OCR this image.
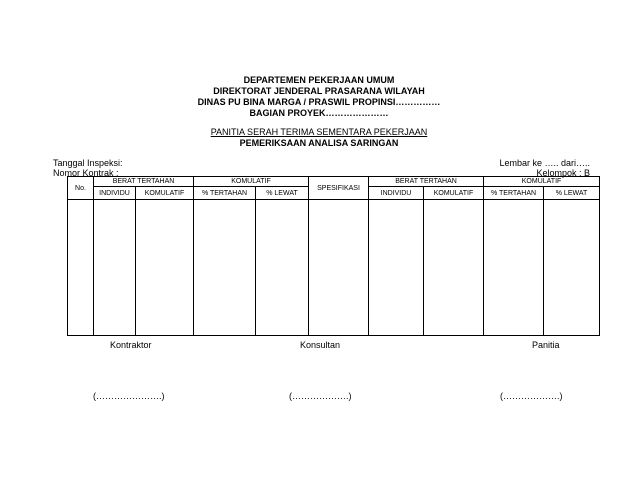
DEPARTEMEN PEKERJAAN UMUM
DIREKTORAT JENDERAL PRASARANA WILAYAH
DINAS PU BINA MARGA / PRASWIL PROPINSI……………
BAGIAN PROYEK…………………
PANITIA SERAH TERIMA SEMENTARA PEKERJAAN
PEMERIKSAAN ANALISA SARINGAN
Tanggal Inspeksi:
Nomor Kontrak :
Lembar ke ….. dari…..
Kelompok : B
No.	BERAT TERTAHAN		KOMULATIF		SPESIFIKASI	BERAT TERTAHAN		KOMULATIF	
	INDIVIDU	KOMULATIF	% TERTAHAN	% LEWAT		INDIVIDU	KOMULATIF	% TERTAHAN	% LEWAT

Kontraktor	Konsultan	Panitia
(………………….)	(……………….)	(……………….)
